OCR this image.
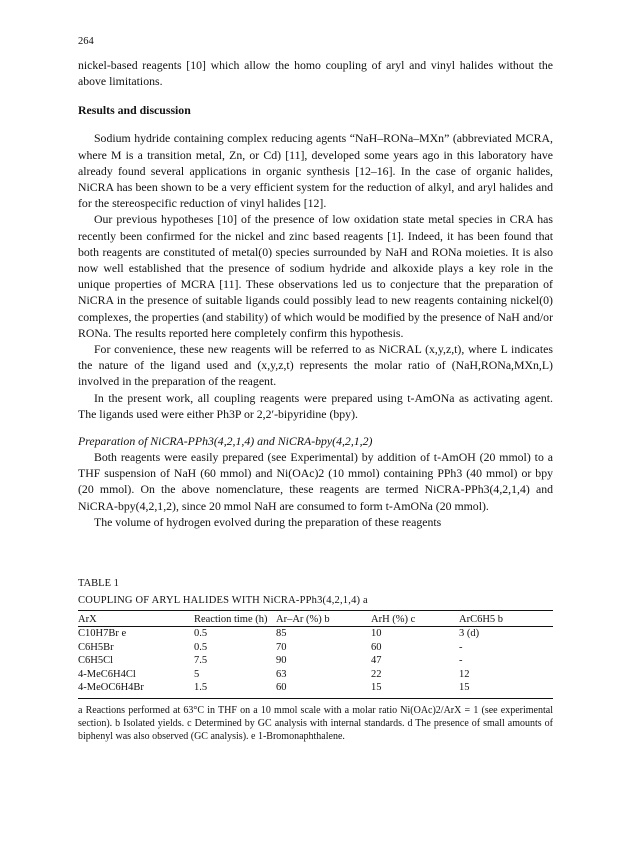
264

nickel-based reagents [10] which allow the homo coupling of aryl and vinyl halides without the above limitations.

Results and discussion

Sodium hydride containing complex reducing agents “NaH–RONa–MXn” (abbreviated MCRA, where M is a transition metal, Zn, or Cd) [11], developed some years ago in this laboratory have already found several applications in organic synthesis [12–16]. In the case of organic halides, NiCRA has been shown to be a very efficient system for the reduction of alkyl, and aryl halides and for the stereospecific reduction of vinyl halides [12].

Our previous hypotheses [10] of the presence of low oxidation state metal species in CRA has recently been confirmed for the nickel and zinc based reagents [1]. Indeed, it has been found that both reagents are constituted of metal(0) species surrounded by NaH and RONa moieties. It is also now well established that the presence of sodium hydride and alkoxide plays a key role in the unique properties of MCRA [11]. These observations led us to conjecture that the preparation of NiCRA in the presence of suitable ligands could possibly lead to new reagents containing nickel(0) complexes, the properties (and stability) of which would be modified by the presence of NaH and/or RONa. The results reported here completely confirm this hypothesis.

For convenience, these new reagents will be referred to as NiCRAL (x,y,z,t), where L indicates the nature of the ligand used and (x,y,z,t) represents the molar ratio of (NaH,RONa,MXn,L) involved in the preparation of the reagent.

In the present work, all coupling reagents were prepared using t-AmONa as activating agent. The ligands used were either Ph3P or 2,2′-bipyridine (bpy).

Preparation of NiCRA-PPh3(4,2,1,4) and NiCRA-bpy(4,2,1,2)

Both reagents were easily prepared (see Experimental) by addition of t-AmOH (20 mmol) to a THF suspension of NaH (60 mmol) and Ni(OAc)2 (10 mmol) containing PPh3 (40 mmol) or bpy (20 mmol). On the above nomenclature, these reagents are termed NiCRA-PPh3(4,2,1,4) and NiCRA-bpy(4,2,1,2), since 20 mmol NaH are consumed to form t-AmONa (20 mmol).

The volume of hydrogen evolved during the preparation of these reagents

TABLE 1
COUPLING OF ARYL HALIDES WITH NiCRA-PPh3(4,2,1,4) a
ArX	Reaction time (h)	Ar–Ar (%) b	ArH (%) c	ArC6H5 b
C10H7Br e	0.5	85	10	3 (d)
C6H5Br	0.5	70	60	-
C6H5Cl	7.5	90	47	-
4-MeC6H4Cl	5	63	22	12
4-MeOC6H4Br	1.5	60	15	15
a Reactions performed at 63°C in THF on a 10 mmol scale with a molar ratio Ni(OAc)2/ArX = 1 (see experimental section). b Isolated yields. c Determined by GC analysis with internal standards. d The presence of small amounts of biphenyl was also observed (GC analysis). e 1-Bromonaphthalene.
